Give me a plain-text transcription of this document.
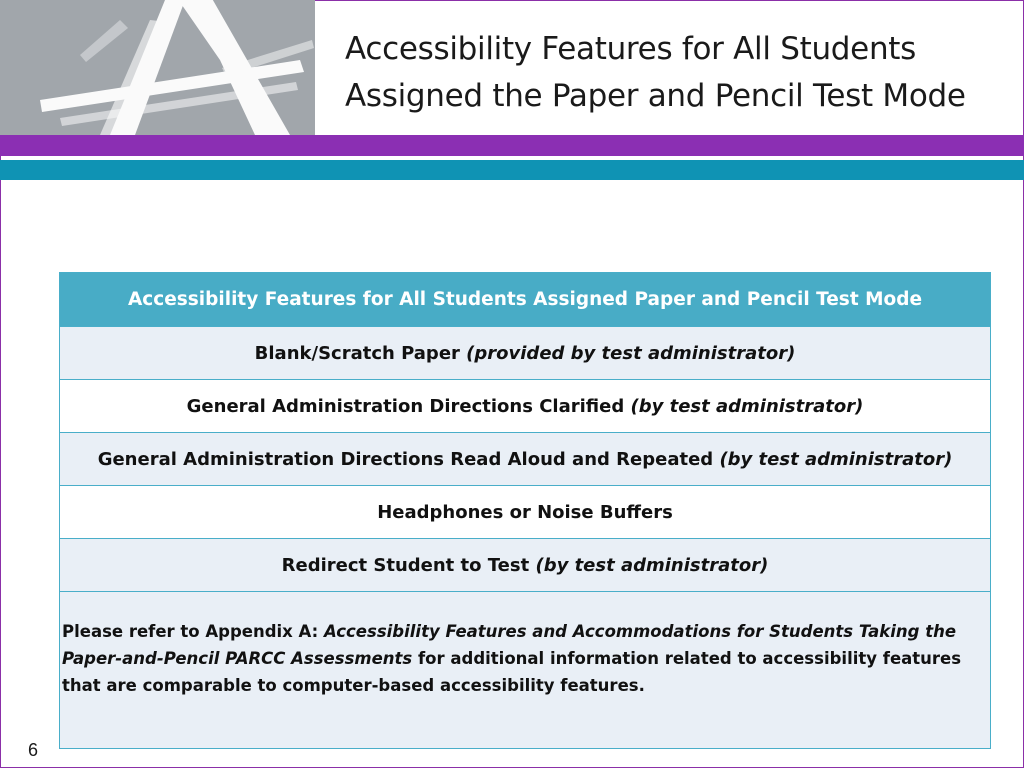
Accessibility Features for All Students
Assigned the Paper and Pencil Test Mode
Accessibility Features for All Students Assigned Paper and Pencil Test Mode
Blank/Scratch Paper (provided by test administrator)
General Administration Directions Clarified (by test administrator)
General Administration Directions Read Aloud and Repeated (by test administrator)
Headphones or Noise Buffers
Redirect Student to Test (by test administrator)
Please refer to Appendix A: Accessibility Features and Accommodations for Students Taking the Paper-and-Pencil PARCC Assessments for additional information related to accessibility features that are comparable to computer-based accessibility features.
6
